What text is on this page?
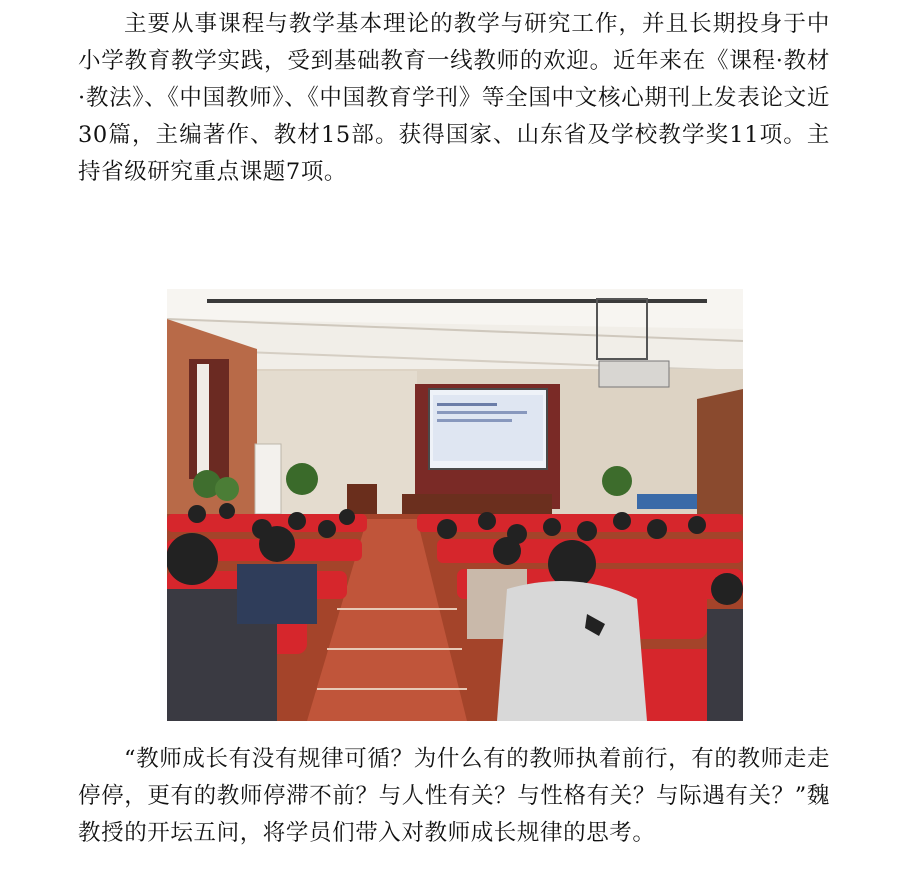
主要从事课程与教学基本理论的教学与研究工作，并且长期投身于中小学教育教学实践，受到基础教育一线教师的欢迎。近年来在《课程·教材·教法》、《中国教师》、《中国教育学刊》等全国中文核心期刊上发表论文近30篇，主编著作、教材15部。获得国家、山东省及学校教学奖11项。主持省级研究重点课题7项。

“教师成长有没有规律可循？为什么有的教师执着前行，有的教师走走停停，更有的教师停滞不前？与人性有关？与性格有关？与际遇有关？”魏教授的开坛五问，将学员们带入对教师成长规律的思考。
